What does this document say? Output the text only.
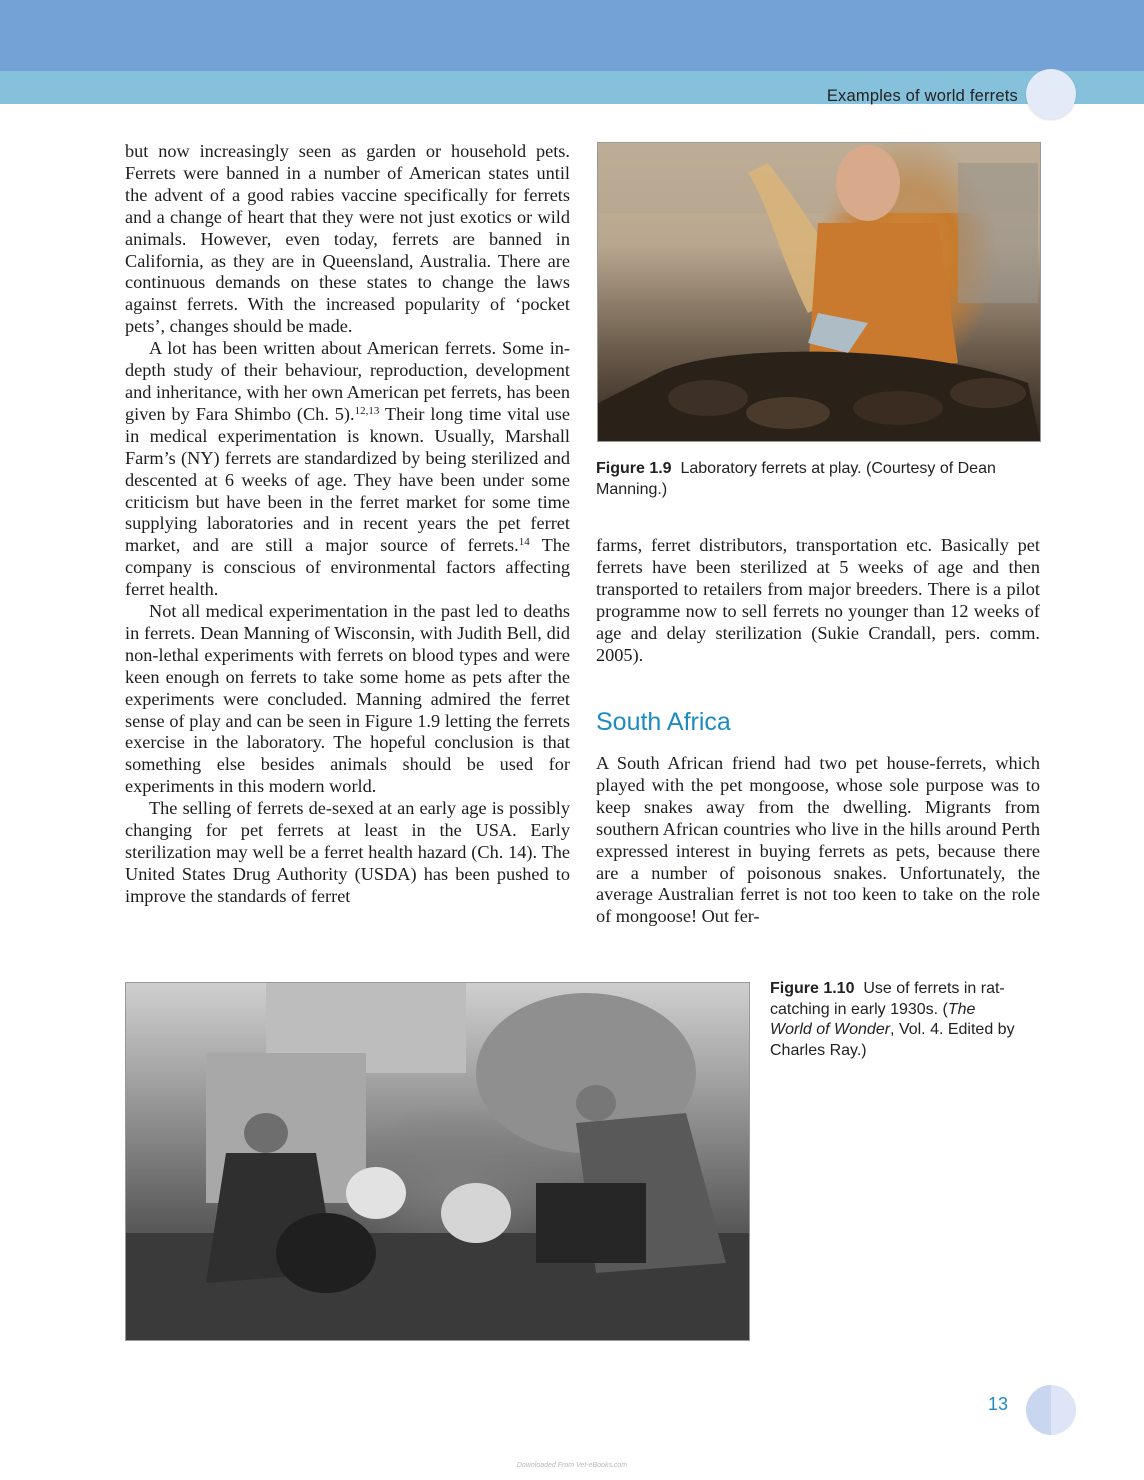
Examples of world ferrets

but now increasingly seen as garden or household pets. Ferrets were banned in a number of American states until the advent of a good rabies vaccine specifically for ferrets and a change of heart that they were not just exotics or wild animals. However, even today, ferrets are banned in California, as they are in Queensland, Australia. There are continuous demands on these states to change the laws against ferrets. With the increased popularity of ‘pocket pets’, changes should be made.

A lot has been written about American ferrets. Some in-depth study of their behaviour, reproduction, development and inheritance, with her own American pet ferrets, has been given by Fara Shimbo (Ch. 5).$^{12,13}$ Their long time vital use in medical experimentation is known. Usually, Marshall Farm’s (NY) ferrets are standardized by being sterilized and descented at 6 weeks of age. They have been under some criticism but have been in the ferret market for some time supplying laboratories and in recent years the pet ferret market, and are still a major source of ferrets.$^{14}$ The company is conscious of environmental factors affecting ferret health.

Not all medical experimentation in the past led to deaths in ferrets. Dean Manning of Wisconsin, with Judith Bell, did non-lethal experiments with ferrets on blood types and were keen enough on ferrets to take some home as pets after the experiments were concluded. Manning admired the ferret sense of play and can be seen in Figure 1.9 letting the ferrets exercise in the laboratory. The hopeful conclusion is that something else besides animals should be used for experiments in this modern world.

The selling of ferrets de-sexed at an early age is possibly changing for pet ferrets at least in the USA. Early sterilization may well be a ferret health hazard (Ch. 14). The United States Drug Authority (USDA) has been pushed to improve the standards of ferret

Figure 1.9 Laboratory ferrets at play. (Courtesy of Dean Manning.)

farms, ferret distributors, transportation etc. Basically pet ferrets have been sterilized at 5 weeks of age and then transported to retailers from major breeders. There is a pilot programme now to sell ferrets no younger than 12 weeks of age and delay sterilization (Sukie Crandall, pers. comm. 2005).

South Africa

A South African friend had two pet house-ferrets, which played with the pet mongoose, whose sole purpose was to keep snakes away from the dwelling. Migrants from southern African countries who live in the hills around Perth expressed interest in buying ferrets as pets, because there are a number of poisonous snakes. Unfortunately, the average Australian ferret is not too keen to take on the role of mongoose! Out fer-

Figure 1.10 Use of ferrets in rat-catching in early 1930s. (The World of Wonder, Vol. 4. Edited by Charles Ray.)
13
Downloaded From Vet-eBooks.com
